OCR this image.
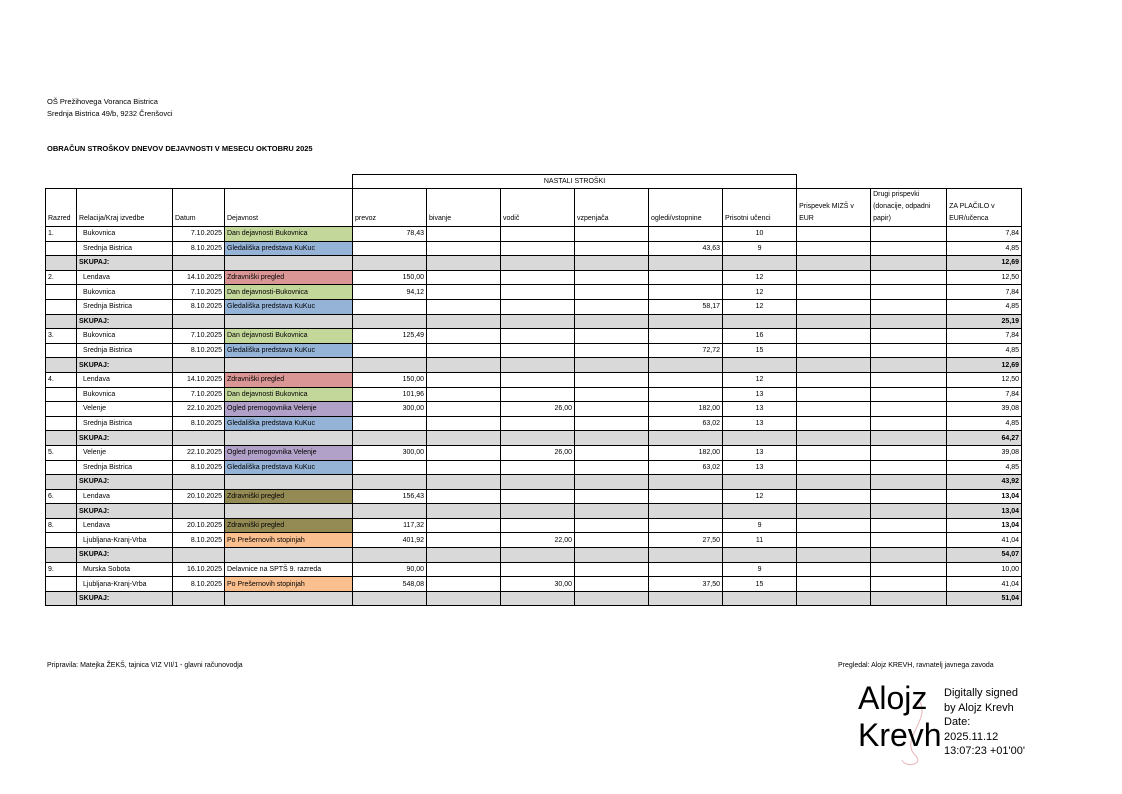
OŠ Prežihovega Voranca Bistrica
Srednja Bistrica 49/b, 9232 Črenšovci
OBRAČUN STROŠKOV DNEVOV DEJAVNOSTI V MESECU OKTOBRU 2025
				NASTALI STROŠKI								
Razred	Relacija/Kraj izvedbe	Datum	Dejavnost	prevoz	bivanje	vodič	vzpenjača	ogledi/vstopnine	Prisotni učenci	Prispevek MIZŠ v EUR	Drugi prispevki (donacije, odpadni papir)	ZA PLAČILO v EUR/učenca
1.	Bukovnica	7.10.2025	Dan dejavnosti Bukovnica	78,43					10			7,84
	Srednja Bistrica	8.10.2025	Gledališka predstava KuKuc					43,63	9			4,85
	SKUPAJ:											12,69
2.	Lendava	14.10.2025	Zdravniški pregled	150,00					12			12,50
	Bukovnica	7.10.2025	Dan dejavnosti-Bukovnica	94,12					12			7,84
	Srednja Bistrica	8.10.2025	Gledališka predstava KuKuc					58,17	12			4,85
	SKUPAJ:											25,19
3.	Bukovnica	7.10.2025	Dan dejavnosti Bukovnica	125,49					16			7,84
	Srednja Bistrica	8.10.2025	Gledališka predstava KuKuc					72,72	15			4,85
	SKUPAJ:											12,69
4.	Lendava	14.10.2025	Zdravniški pregled	150,00					12			12,50
	Bukovnica	7.10.2025	Dan dejavnosti Bukovnica	101,96					13			7,84
	Velenje	22.10.2025	Ogled premogovnika Velenje	300,00		26,00		182,00	13			39,08
	Srednja Bistrica	8.10.2025	Gledališka predstava KuKuc					63,02	13			4,85
	SKUPAJ:											64,27
5.	Velenje	22.10.2025	Ogled premogovnika Velenje	300,00		26,00		182,00	13			39,08
	Srednja Bistrica	8.10.2025	Gledališka predstava KuKuc					63,02	13			4,85
	SKUPAJ:											43,92
6.	Lendava	20.10.2025	Zdravniški pregled	156,43					12			13,04
	SKUPAJ:											13,04
8.	Lendava	20.10.2025	Zdravniški pregled	117,32					9			13,04
	Ljubljana-Kranj-Vrba	8.10.2025	Po Prešernovih stopinjah	401,92		22,00		27,50	11			41,04
	SKUPAJ:											54,07
9.	Murska Sobota	16.10.2025	Delavnice na SPTŠ 9. razreda	90,00					9			10,00
	Ljubljana-Kranj-Vrba	8.10.2025	Po Prešernovih stopinjah	548,08		30,00		37,50	15			41,04
	SKUPAJ:											51,04
Pripravila: Matejka ŽEKŠ, tajnica VIZ VII/1 - glavni računovodja	Pregledal: Alojz KREVH, ravnatelj javnega zavoda
Alojz
Krevh
Digitally signed
by Alojz Krevh
Date:
2025.11.12
13:07:23 +01'00'
